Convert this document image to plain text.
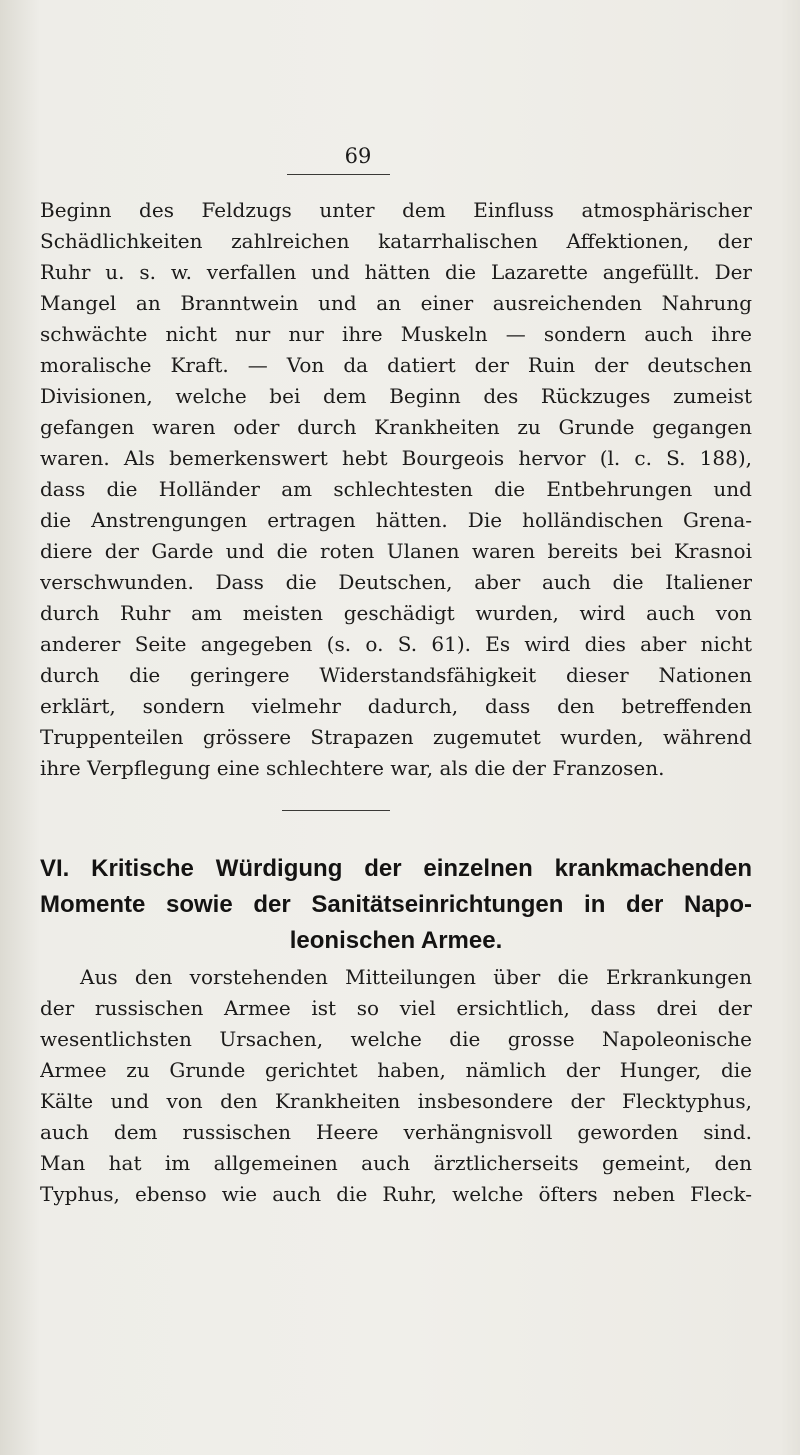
69
Beginn des Feldzugs unter dem Einfluss atmosphärischer
Schädlichkeiten zahlreichen katarrhalischen Affektionen, der
Ruhr u. s. w. verfallen und hätten die Lazarette angefüllt. Der
Mangel an Branntwein und an einer ausreichenden Nahrung
schwächte nicht nur nur ihre Muskeln — sondern auch ihre
moralische Kraft. — Von da datiert der Ruin der deutschen
Divisionen, welche bei dem Beginn des Rückzuges zumeist
gefangen waren oder durch Krankheiten zu Grunde gegangen
waren. Als bemerkenswert hebt Bourgeois hervor (l. c. S. 188),
dass die Holländer am schlechtesten die Entbehrungen und
die Anstrengungen ertragen hätten. Die holländischen Grena-
diere der Garde und die roten Ulanen waren bereits bei Krasnoi
verschwunden. Dass die Deutschen, aber auch die Italiener
durch Ruhr am meisten geschädigt wurden, wird auch von
anderer Seite angegeben (s. o. S. 61). Es wird dies aber nicht
durch die geringere Widerstandsfähigkeit dieser Nationen
erklärt, sondern vielmehr dadurch, dass den betreffenden
Truppenteilen grössere Strapazen zugemutet wurden, während
ihre Verpflegung eine schlechtere war, als die der Franzosen.
VI. Kritische Würdigung der einzelnen krankmachenden
Momente sowie der Sanitätseinrichtungen in der Napo-
leonischen Armee.
Aus den vorstehenden Mitteilungen über die Erkrankungen
der russischen Armee ist so viel ersichtlich, dass drei der
wesentlichsten Ursachen, welche die grosse Napoleonische
Armee zu Grunde gerichtet haben, nämlich der Hunger, die
Kälte und von den Krankheiten insbesondere der Flecktyphus,
auch dem russischen Heere verhängnisvoll geworden sind.
Man hat im allgemeinen auch ärztlicherseits gemeint, den
Typhus, ebenso wie auch die Ruhr, welche öfters neben Fleck-
